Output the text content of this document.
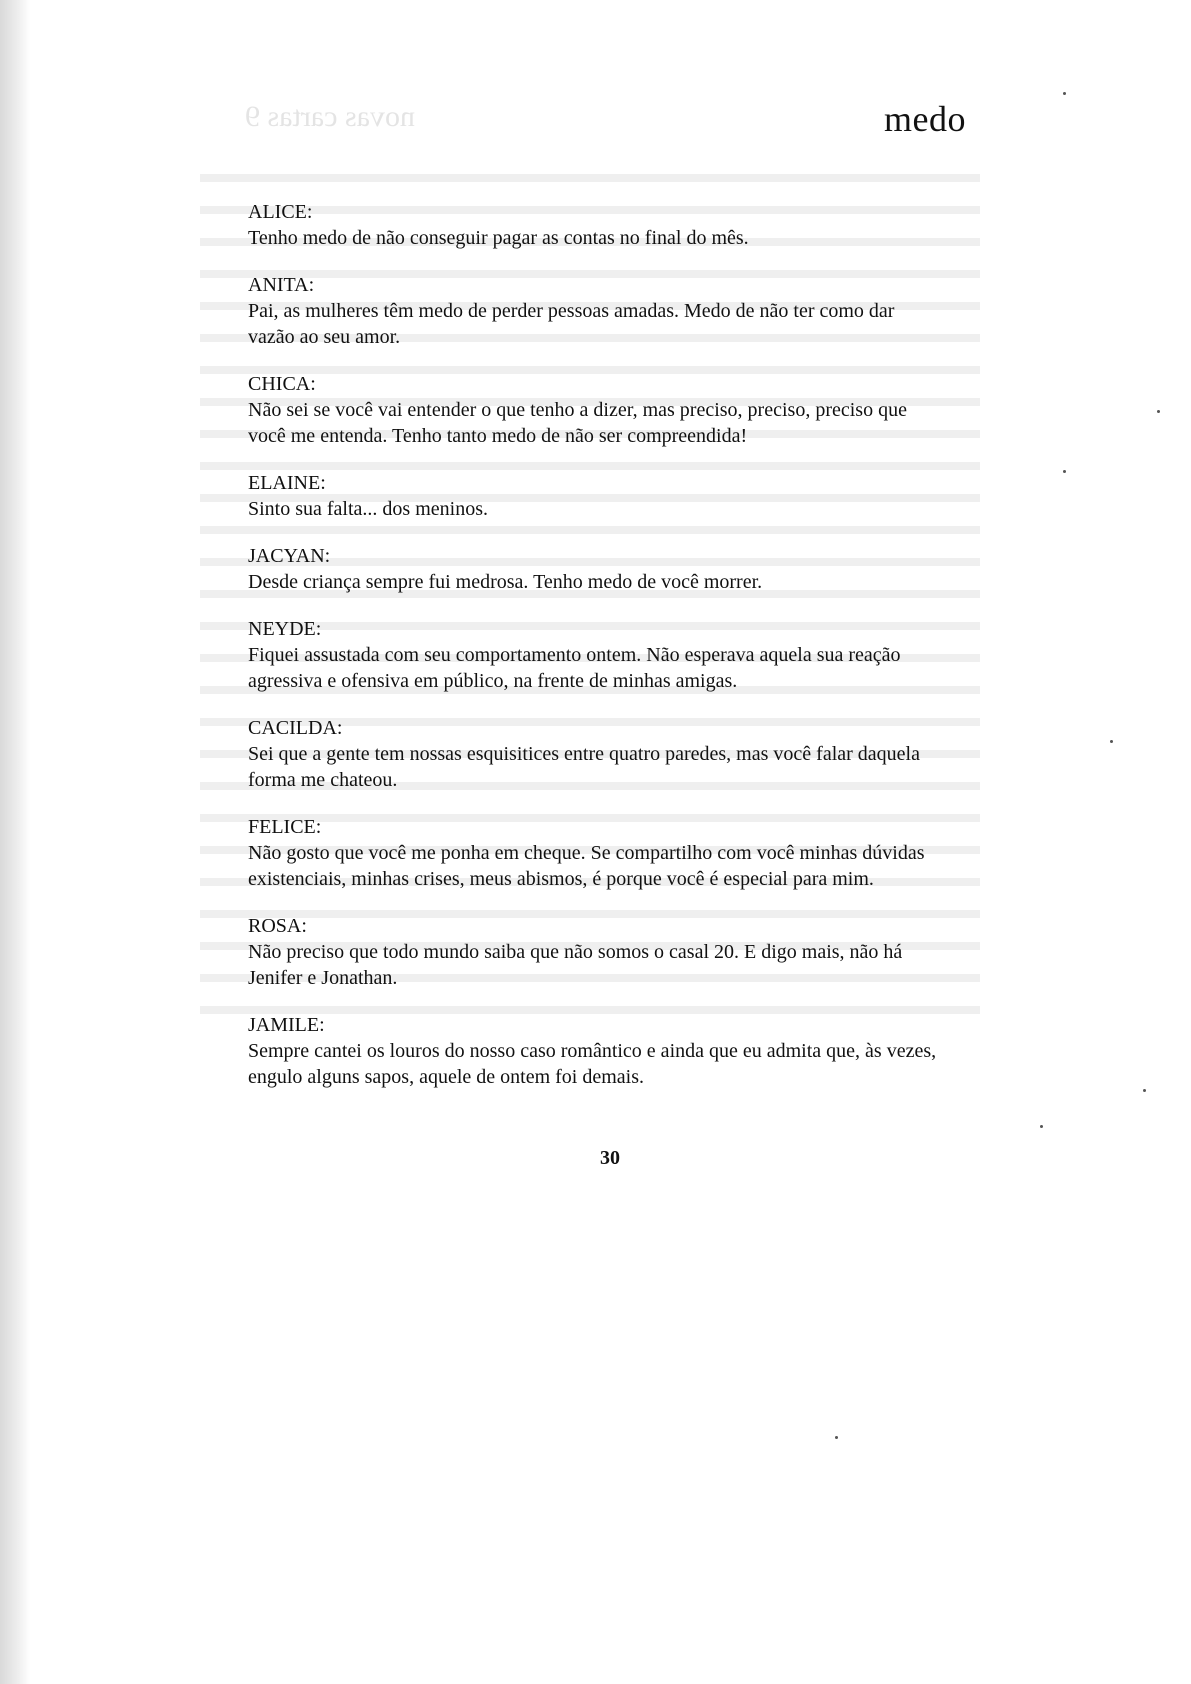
novas cartas 9	medo
ALICE:
Tenho medo de não conseguir pagar as contas no final do mês.
ANITA:
Pai, as mulheres têm medo de perder pessoas amadas. Medo de não ter como dar
vazão ao seu amor.
CHICA:
Não sei se você vai entender o que tenho a dizer, mas preciso, preciso, preciso que
você me entenda. Tenho tanto medo de não ser compreendida!
ELAINE:
Sinto sua falta... dos meninos.
JACYAN:
Desde criança sempre fui medrosa. Tenho medo de você morrer.
NEYDE:
Fiquei assustada com seu comportamento ontem. Não esperava aquela sua reação
agressiva e ofensiva em público, na frente de minhas amigas.
CACILDA:
Sei que a gente tem nossas esquisitices entre quatro paredes, mas você falar daquela
forma me chateou.
FELICE:
Não gosto que você me ponha em cheque. Se compartilho com você minhas dúvidas
existenciais, minhas crises, meus abismos, é porque você é especial para mim.
ROSA:
Não preciso que todo mundo saiba que não somos o casal 20. E digo mais, não há
Jenifer e Jonathan.
JAMILE:
Sempre cantei os louros do nosso caso romântico e ainda que eu admita que, às vezes,
engulo alguns sapos, aquele de ontem foi demais.
30
